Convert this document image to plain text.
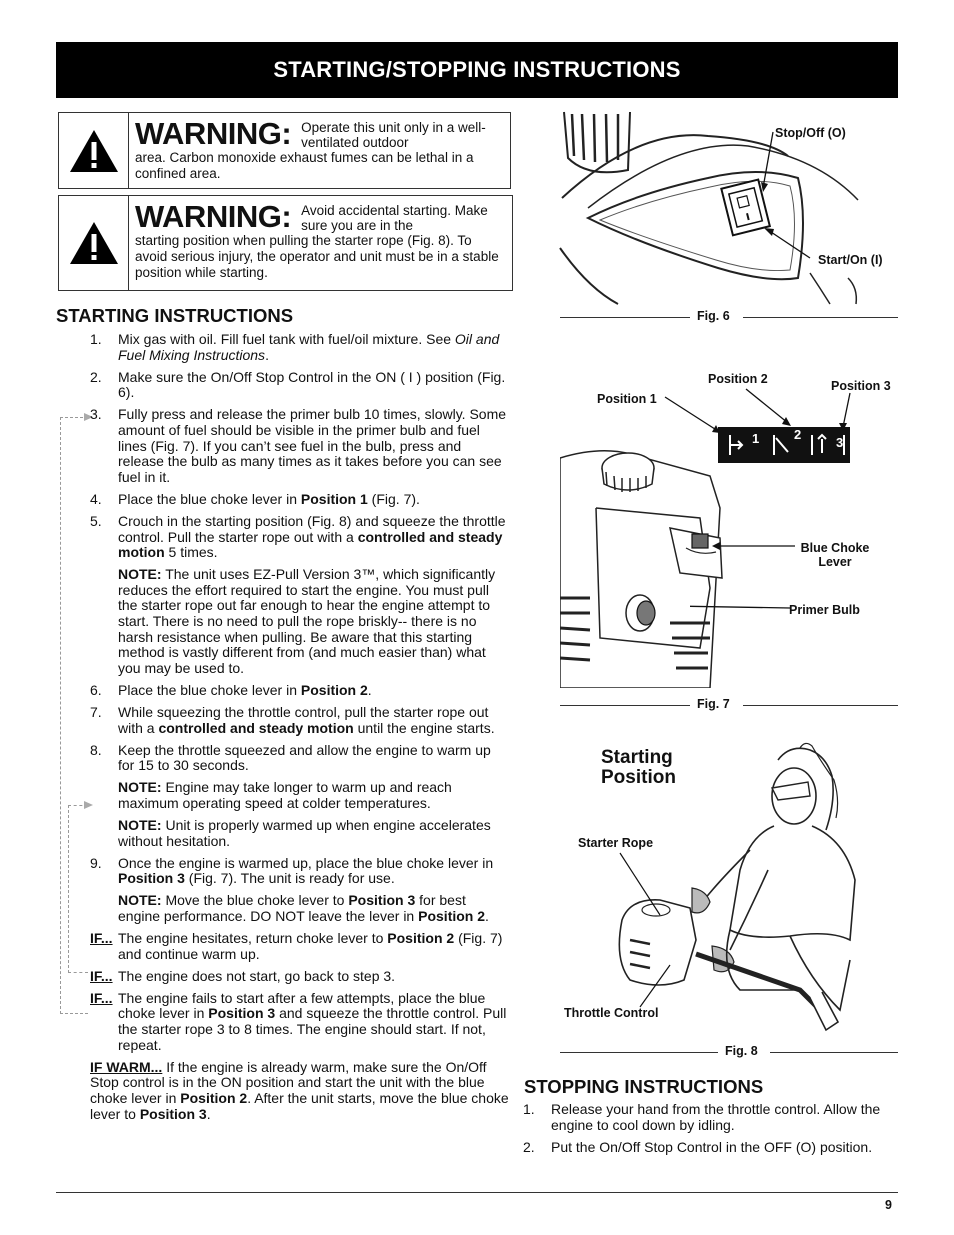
STARTING/STOPPING INSTRUCTIONS
WARNING: Operate this unit only in a well- ventilated outdoor
area. Carbon monoxide exhaust fumes can be lethal in a confined area.
WARNING: Avoid accidental starting. Make sure you are in the
starting position when pulling the starter rope (Fig. 8). To avoid serious injury, the operator and unit must be in a stable position while starting.
STARTING INSTRUCTIONS
1.	Mix gas with oil. Fill fuel tank with fuel/oil mixture. See Oil and Fuel Mixing Instructions.
2.	Make sure the On/Off Stop Control in the ON ( I ) position (Fig. 6).
3.	Fully press and release the primer bulb 10 times, slowly. Some amount of fuel should be visible in the primer bulb and fuel lines (Fig. 7). If you can’t see fuel in the bulb, press and release the bulb as many times as it takes before you can see fuel in it.
4.	Place the blue choke lever in Position 1 (Fig. 7).
5.	Crouch in the starting position (Fig. 8) and squeeze the throttle control. Pull the starter rope out with a controlled and steady motion 5 times.
NOTE: The unit uses EZ-Pull Version 3™, which significantly reduces the effort required to start the engine. You must pull the starter rope out far enough to hear the engine attempt to start. There is no need to pull the rope briskly-- there is no harsh resistance when pulling. Be aware that this starting method is vastly different from (and much easier than) what you may be used to.
6.	Place the blue choke lever in Position 2.
7.	While squeezing the throttle control, pull the starter rope out with a controlled and steady motion until the engine starts.
8.	Keep the throttle squeezed and allow the engine to warm up for 15 to 30 seconds.
NOTE: Engine may take longer to warm up and reach maximum operating speed at colder temperatures.
NOTE: Unit is properly warmed up when engine accelerates without hesitation.
9.	Once the engine is warmed up, place the blue choke lever in Position 3 (Fig. 7). The unit is ready for use.
NOTE: Move the blue choke lever to Position 3 for best engine performance. DO NOT leave the lever in Position 2.
IF... The engine hesitates, return choke lever to Position 2 (Fig. 7) and continue warm up.
IF... The engine does not start, go back to step 3.
IF... The engine fails to start after a few attempts, place the blue choke lever in Position 3 and squeeze the throttle control. Pull the starter rope 3 to 8 times. The engine should start. If not, repeat.
IF WARM... If the engine is already warm, make sure the On/Off Stop control is in the ON position and start the unit with the blue choke lever in Position 2. After the unit starts, move the blue choke lever to Position 3.
Stop/Off (O)
Start/On (I)
Fig. 6
Position 1
Position 2	Position 3
1	2
3
Blue Choke
Lever
Primer Bulb
Fig. 7
Starting
Position
Starter Rope
Throttle Control
Fig. 8
STOPPING INSTRUCTIONS
1.	Release your hand from the throttle control. Allow the engine to cool down by idling.
2.	Put the On/Off Stop Control in the OFF (O) position.
9
